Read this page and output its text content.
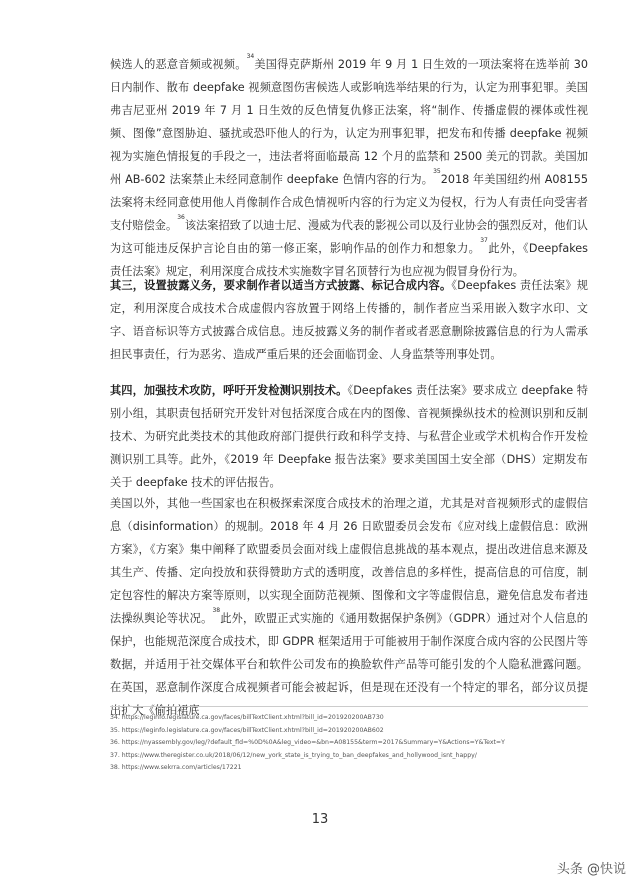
候选人的恶意音频或视频。$^{34}$美国得克萨斯州 2019 年 9 月 1 日生效的一项法案将在选举前 30 日内制作、散布 deepfake 视频意图伤害候选人或影响选举结果的行为，认定为刑事犯罪。美国弗吉尼亚州 2019 年 7 月 1 日生效的反色情复仇修正法案，将“制作、传播虚假的裸体或性视频、图像”意图胁迫、骚扰或恐吓他人的行为，认定为刑事犯罪，把发布和传播 deepfake 视频视为实施色情报复的手段之一，违法者将面临最高 12 个月的监禁和 2500 美元的罚款。美国加州 AB-602 法案禁止未经同意制作 deepfake 色情内容的行为。$^{35}$2018 年美国纽约州 A08155 法案将未经同意使用他人肖像制作合成色情视听内容的行为定义为侵权，行为人有责任向受害者支付赔偿金。$^{36}$该法案招致了以迪士尼、漫威为代表的影视公司以及行业协会的强烈反对，他们认为这可能违反保护言论自由的第一修正案，影响作品的创作力和想象力。$^{37}$此外，《Deepfakes 责任法案》规定，利用深度合成技术实施数字冒名顶替行为也应视为假冒身份行为。

其三，设置披露义务，要求制作者以适当方式披露、标记合成内容。《Deepfakes 责任法案》规定，利用深度合成技术合成虚假内容放置于网络上传播的，制作者应当采用嵌入数字水印、文字、语音标识等方式披露合成信息。违反披露义务的制作者或者恶意删除披露信息的行为人需承担民事责任，行为恶劣、造成严重后果的还会面临罚金、人身监禁等刑事处罚。

其四，加强技术攻防，呼吁开发检测识别技术。《Deepfakes 责任法案》要求成立 deepfake 特别小组，其职责包括研究开发针对包括深度合成在内的图像、音视频操纵技术的检测识别和反制技术、为研究此类技术的其他政府部门提供行政和科学支持、与私营企业或学术机构合作开发检测识别工具等。此外，《2019 年 Deepfake 报告法案》要求美国国土安全部（DHS）定期发布关于 deepfake 技术的评估报告。

美国以外，其他一些国家也在积极探索深度合成技术的治理之道，尤其是对音视频形式的虚假信息（disinformation）的规制。2018 年 4 月 26 日欧盟委员会发布《应对线上虚假信息：欧洲方案》，《方案》集中阐释了欧盟委员会面对线上虚假信息挑战的基本观点，提出改进信息来源及其生产、传播、定向投放和获得赞助方式的透明度，改善信息的多样性，提高信息的可信度，制定包容性的解决方案等原则，以实现全面防范视频、图像和文字等虚假信息，避免信息发布者违法操纵舆论等状况。$^{38}$此外，欧盟正式实施的《通用数据保护条例》（GDPR）通过对个人信息的保护，也能规范深度合成技术，即 GDPR 框架适用于可能被用于制作深度合成内容的公民图片等数据，并适用于社交媒体平台和软件公司发布的换脸软件产品等可能引发的个人隐私泄露问题。在英国，恶意制作深度合成视频者可能会被起诉，但是现在还没有一个特定的罪名，部分议员提出扩大《偷拍裙底

34. https://leginfo.legislature.ca.gov/faces/billTextClient.xhtml?bill_id=201920200AB730
35. https://leginfo.legislature.ca.gov/faces/billTextClient.xhtml?bill_id=201920200AB602
36. https://nyassembly.gov/leg/?default_fld=%0D%0A&leg_video=&bn=A08155&term=2017&Summary=Y&Actions=Y&Text=Y
37. https://www.theregister.co.uk/2018/06/12/new_york_state_is_trying_to_ban_deepfakes_and_hollywood_isnt_happy/
38. https://www.sekrra.com/articles/17221
13
头条 @快说
